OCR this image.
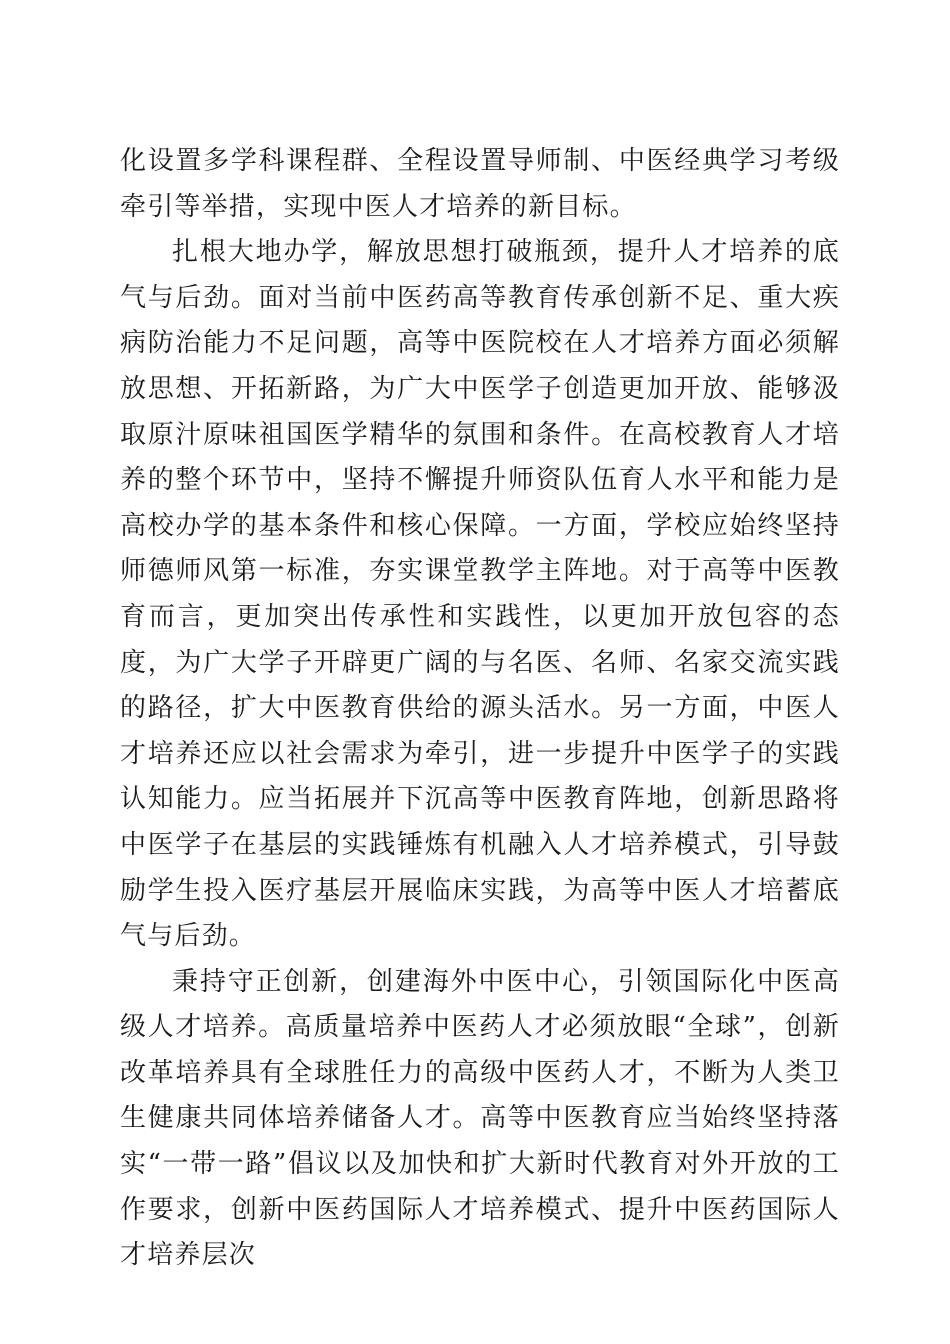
化设置多学科课程群、全程设置导师制、中医经典学习考级牵引等举措，实现中医人才培养的新目标。

扎根大地办学，解放思想打破瓶颈，提升人才培养的底气与后劲。面对当前中医药高等教育传承创新不足、重大疾病防治能力不足问题，高等中医院校在人才培养方面必须解放思想、开拓新路，为广大中医学子创造更加开放、能够汲取原汁原味祖国医学精华的氛围和条件。在高校教育人才培养的整个环节中，坚持不懈提升师资队伍育人水平和能力是高校办学的基本条件和核心保障。一方面，学校应始终坚持师德师风第一标准，夯实课堂教学主阵地。对于高等中医教育而言，更加突出传承性和实践性，以更加开放包容的态度，为广大学子开辟更广阔的与名医、名师、名家交流实践的路径，扩大中医教育供给的源头活水。另一方面，中医人才培养还应以社会需求为牵引，进一步提升中医学子的实践认知能力。应当拓展并下沉高等中医教育阵地，创新思路将中医学子在基层的实践锤炼有机融入人才培养模式，引导鼓励学生投入医疗基层开展临床实践，为高等中医人才培蓄底气与后劲。

秉持守正创新，创建海外中医中心，引领国际化中医高级人才培养。高质量培养中医药人才必须放眼“全球”，创新改革培养具有全球胜任力的高级中医药人才，不断为人类卫生健康共同体培养储备人才。高等中医教育应当始终坚持落实“一带一路”倡议以及加快和扩大新时代教育对外开放的工作要求，创新中医药国际人才培养模式、提升中医药国际人才培养层次
